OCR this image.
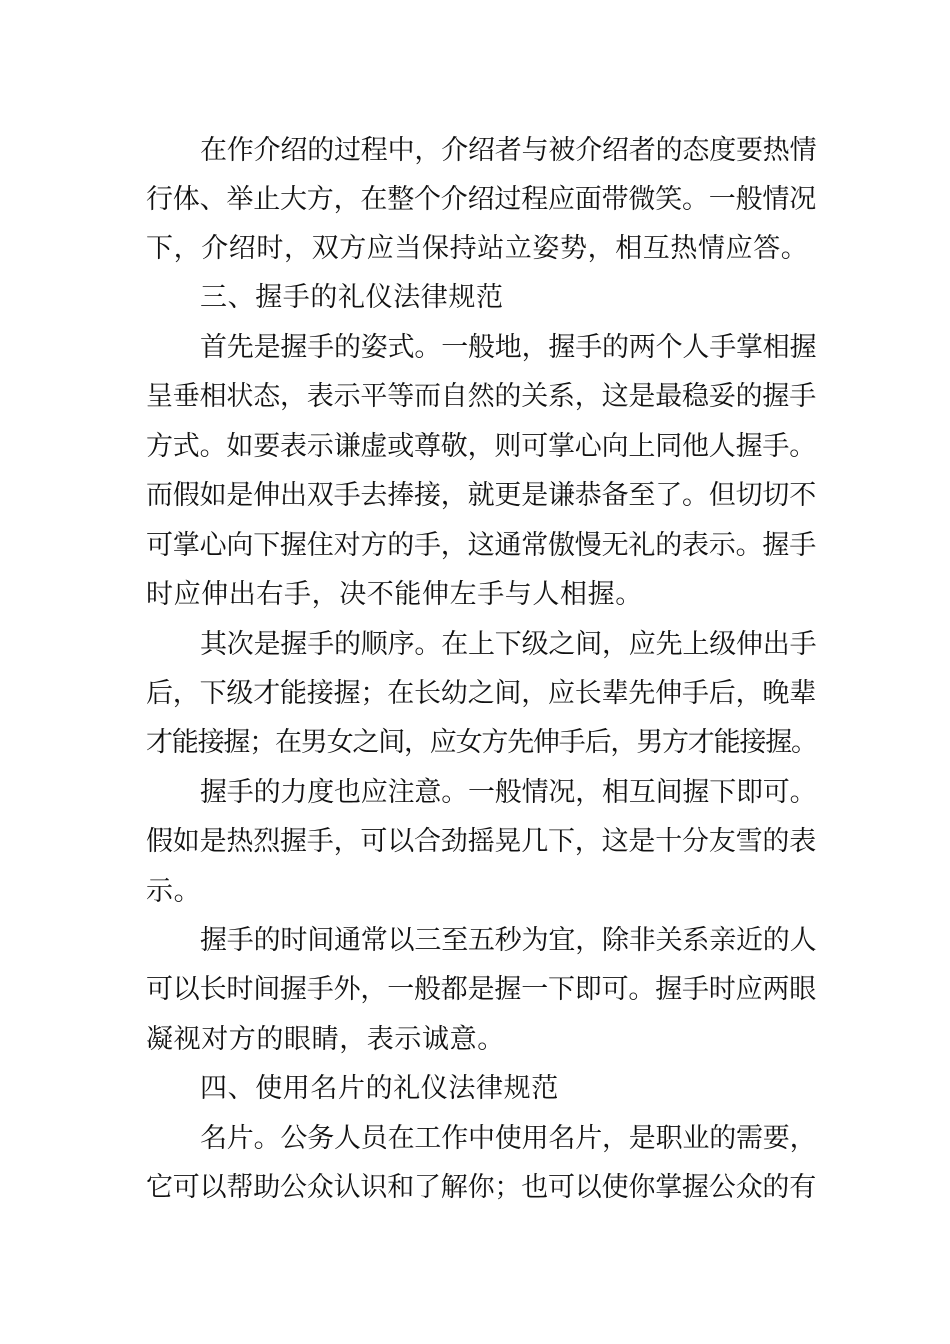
在作介绍的过程中，介绍者与被介绍者的态度要热情
行体、举止大方，在整个介绍过程应面带微笑。一般情况
下，介绍时，双方应当保持站立姿势，相互热情应答。
三、握手的礼仪法律规范
首先是握手的姿式。一般地，握手的两个人手掌相握
呈垂相状态，表示平等而自然的关系，这是最稳妥的握手
方式。如要表示谦虚或尊敬，则可掌心向上同他人握手。
而假如是伸出双手去捧接，就更是谦恭备至了。但切切不
可掌心向下握住对方的手，这通常傲慢无礼的表示。握手
时应伸出右手，决不能伸左手与人相握。
其次是握手的顺序。在上下级之间，应先上级伸出手
后，下级才能接握；在长幼之间，应长辈先伸手后，晚辈
才能接握；在男女之间，应女方先伸手后，男方才能接握。
握手的力度也应注意。一般情况，相互间握下即可。
假如是热烈握手，可以合劲摇晃几下，这是十分友雪的表
示。
握手的时间通常以三至五秒为宜，除非关系亲近的人
可以长时间握手外，一般都是握一下即可。握手时应两眼
凝视对方的眼睛，表示诚意。
四、使用名片的礼仪法律规范
名片。公务人员在工作中使用名片，是职业的需要，
它可以帮助公众认识和了解你；也可以使你掌握公众的有
